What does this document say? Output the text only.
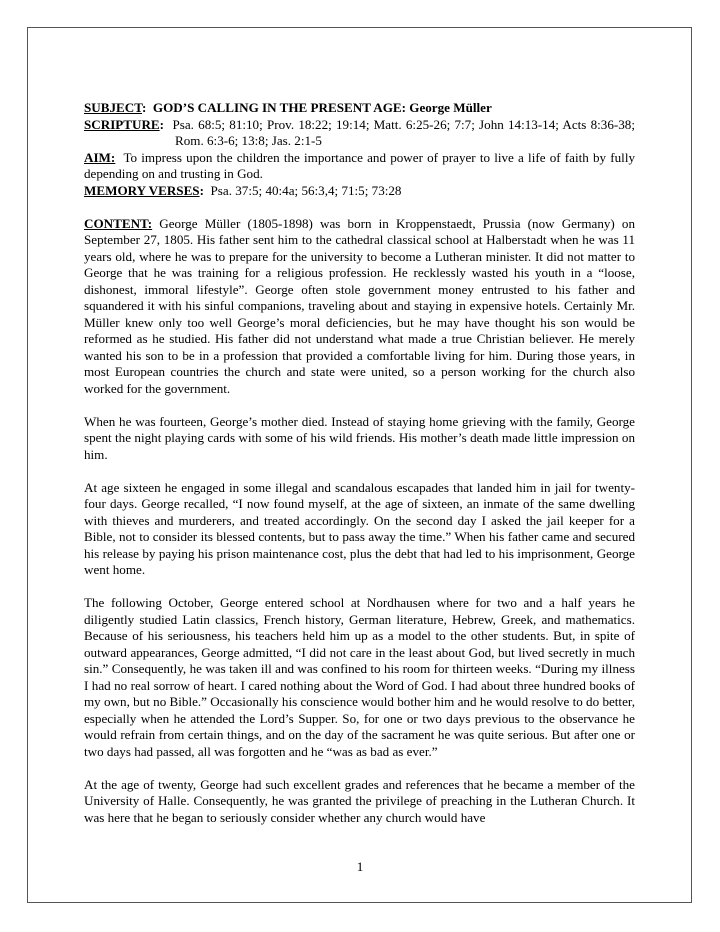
SUBJECT:  GOD’S CALLING IN THE PRESENT AGE: George Müller

SCRIPTURE:  Psa. 68:5; 81:10; Prov. 18:22; 19:14; Matt. 6:25-26; 7:7; John 14:13-14; Acts 8:36-38; Rom. 6:3-6; 13:8; Jas. 2:1-5

AIM: To impress upon the children the importance and power of prayer to live a life of faith by fully depending on and trusting in God.

MEMORY VERSES:  Psa. 37:5; 40:4a; 56:3,4; 71:5; 73:28

CONTENT: George Müller (1805-1898) was born in Kroppenstaedt, Prussia (now Germany) on September 27, 1805. His father sent him to the cathedral classical school at Halberstadt when he was 11 years old, where he was to prepare for the university to become a Lutheran minister. It did not matter to George that he was training for a religious profession. He recklessly wasted his youth in a “loose, dishonest, immoral lifestyle”. George often stole government money entrusted to his father and squandered it with his sinful companions, traveling about and staying in expensive hotels. Certainly Mr. Müller knew only too well George’s moral deficiencies, but he may have thought his son would be reformed as he studied. His father did not understand what made a true Christian believer. He merely wanted his son to be in a profession that provided a comfortable living for him. During those years, in most European countries the church and state were united, so a person working for the church also worked for the government.

When he was fourteen, George’s mother died. Instead of staying home grieving with the family, George spent the night playing cards with some of his wild friends. His mother’s death made little impression on him.

At age sixteen he engaged in some illegal and scandalous escapades that landed him in jail for twenty-four days. George recalled, “I now found myself, at the age of sixteen, an inmate of the same dwelling with thieves and murderers, and treated accordingly. On the second day I asked the jail keeper for a Bible, not to consider its blessed contents, but to pass away the time.” When his father came and secured his release by paying his prison maintenance cost, plus the debt that had led to his imprisonment, George went home.

The following October, George entered school at Nordhausen where for two and a half years he diligently studied Latin classics, French history, German literature, Hebrew, Greek, and mathematics. Because of his seriousness, his teachers held him up as a model to the other students. But, in spite of outward appearances, George admitted, “I did not care in the least about God, but lived secretly in much sin.” Consequently, he was taken ill and was confined to his room for thirteen weeks. “During my illness I had no real sorrow of heart. I cared nothing about the Word of God. I had about three hundred books of my own, but no Bible.” Occasionally his conscience would bother him and he would resolve to do better, especially when he attended the Lord’s Supper. So, for one or two days previous to the observance he would refrain from certain things, and on the day of the sacrament he was quite serious. But after one or two days had passed, all was forgotten and he “was as bad as ever.”

At the age of twenty, George had such excellent grades and references that he became a member of the University of Halle. Consequently, he was granted the privilege of preaching in the Lutheran Church. It was here that he began to seriously consider whether any church would have

1
